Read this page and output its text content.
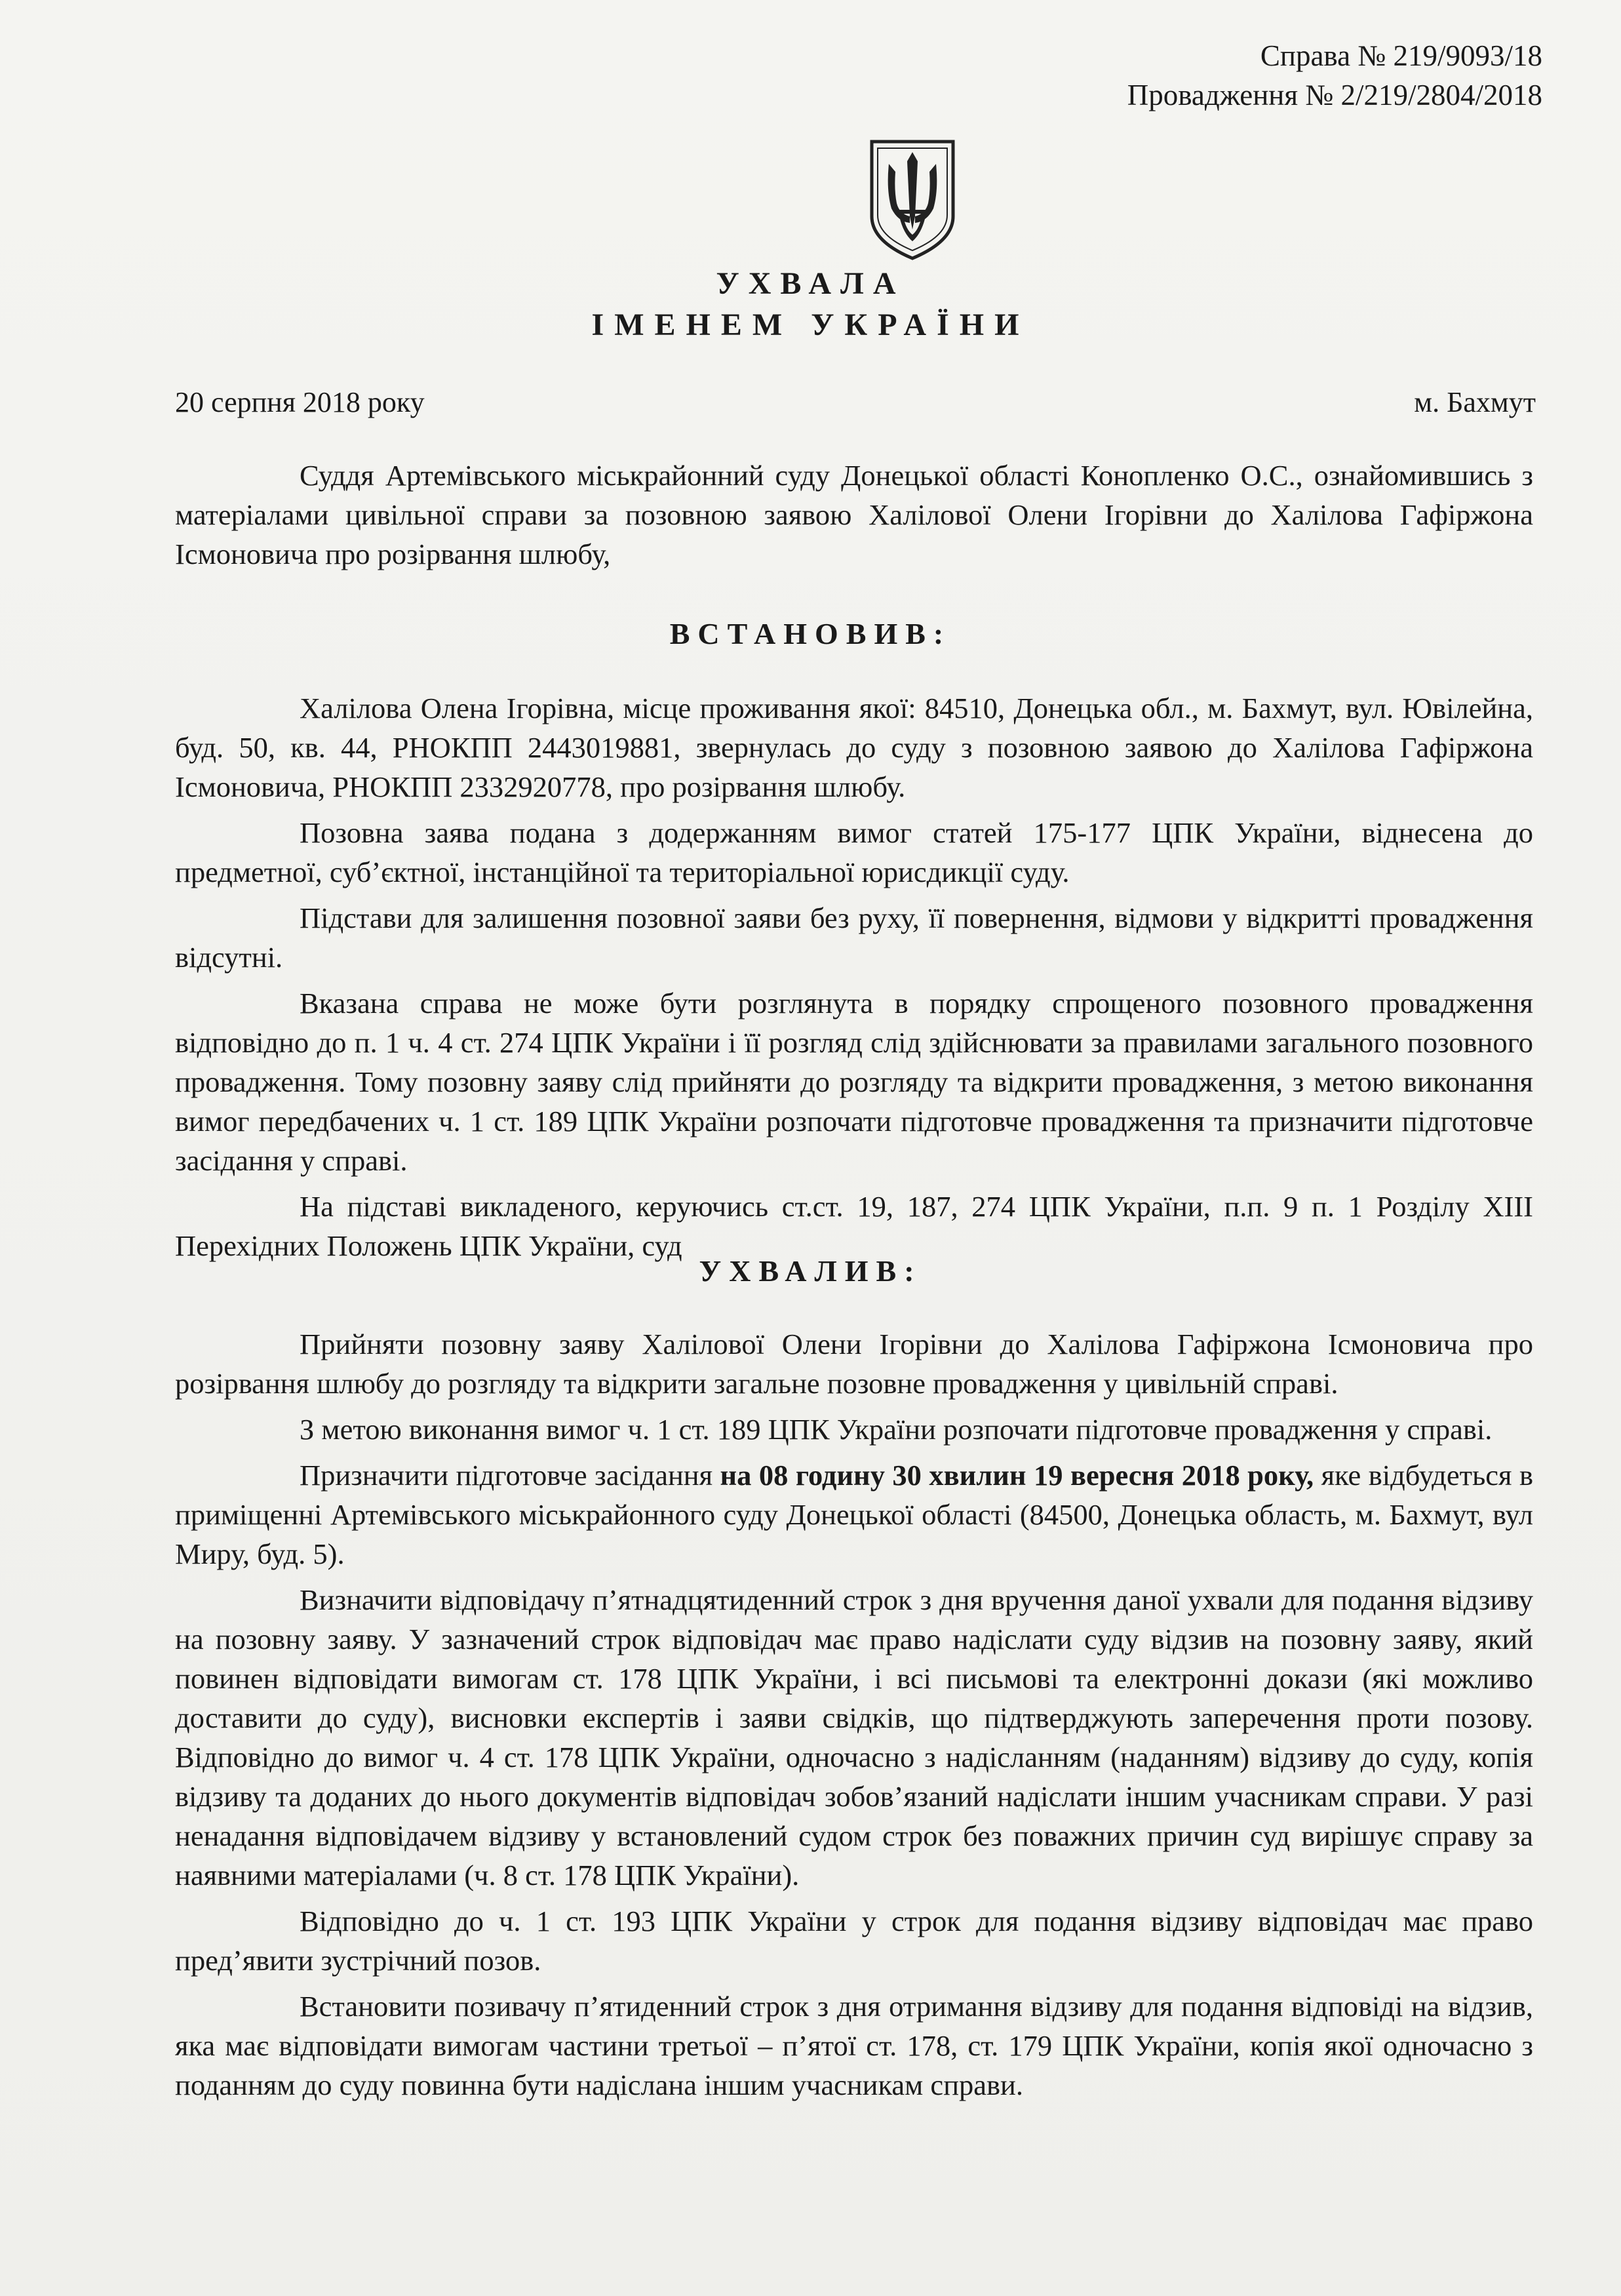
Справа № 219/9093/18
Провадження № 2/219/2804/2018
УХВАЛА
ІМЕНЕМ УКРАЇНИ
20 серпня 2018 року	м. Бахмут

Суддя Артемівського міськрайонний суду Донецької області Конопленко О.С., ознайомившись з матеріалами цивільної справи за позовною заявою Халілової Олени Ігорівни до Халілова Гафіржона Ісмоновича про розірвання шлюбу,

ВСТАНОВИВ:

Халілова Олена Ігорівна, місце проживання якої: 84510, Донецька обл., м. Бахмут, вул. Ювілейна, буд. 50, кв. 44, РНОКПП 2443019881, звернулась до суду з позовною заявою до Халілова Гафіржона Ісмоновича, РНОКПП 2332920778, про розірвання шлюбу.

Позовна заява подана з додержанням вимог статей 175-177 ЦПК України, віднесена до предметної, суб’єктної, інстанційної та територіальної юрисдикції суду.

Підстави для залишення позовної заяви без руху, її повернення, відмови у відкритті провадження відсутні.

Вказана справа не може бути розглянута в порядку спрощеного позовного провадження відповідно до п. 1 ч. 4 ст. 274 ЦПК України і її розгляд слід здійснювати за правилами загального позовного провадження. Тому позовну заяву слід прийняти до розгляду та відкрити провадження, з метою виконання вимог передбачених ч. 1 ст. 189 ЦПК України розпочати підготовче провадження та призначити підготовче засідання у справі.

На підставі викладеного, керуючись ст.ст. 19, 187, 274 ЦПК України, п.п. 9 п. 1 Розділу XIII Перехідних Положень ЦПК України, суд

УХВАЛИВ:

Прийняти позовну заяву Халілової Олени Ігорівни до Халілова Гафіржона Ісмоновича про розірвання шлюбу до розгляду та відкрити загальне позовне провадження у цивільній справі.

З метою виконання вимог ч. 1 ст. 189 ЦПК України розпочати підготовче провадження у справі.

Призначити підготовче засідання на 08 годину 30 хвилин 19 вересня 2018 року, яке відбудеться в приміщенні Артемівського міськрайонного суду Донецької області (84500, Донецька область, м. Бахмут, вул Миру, буд. 5).

Визначити відповідачу п’ятнадцятиденний строк з дня вручення даної ухвали для подання відзиву на позовну заяву. У зазначений строк відповідач має право надіслати суду відзив на позовну заяву, який повинен відповідати вимогам ст. 178 ЦПК України, і всі письмові та електронні докази (які можливо доставити до суду), висновки експертів і заяви свідків, що підтверджують заперечення проти позову. Відповідно до вимог ч. 4 ст. 178 ЦПК України, одночасно з надісланням (наданням) відзиву до суду, копія відзиву та доданих до нього документів відповідач зобов’язаний надіслати іншим учасникам справи. У разі ненадання відповідачем відзиву у встановлений судом строк без поважних причин суд вирішує справу за наявними матеріалами (ч. 8 ст. 178 ЦПК України).

Відповідно до ч. 1 ст. 193 ЦПК України у строк для подання відзиву відповідач має право пред’явити зустрічний позов.

Встановити позивачу п’ятиденний строк з дня отримання відзиву для подання відповіді на відзив, яка має відповідати вимогам частини третьої – п’ятої ст. 178, ст. 179 ЦПК України, копія якої одночасно з поданням до суду повинна бути надіслана іншим учасникам справи.
